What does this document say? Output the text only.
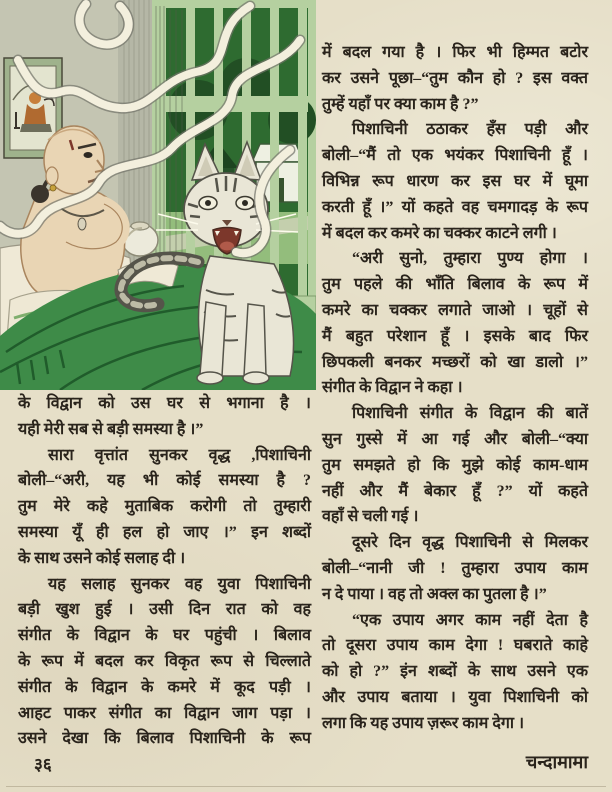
के विद्वान को उस घर से भगाना है ।
यही मेरी सब से बड़ी समस्या है ।”
सारा वृत्तांत सुनकर वृद्ध ,पिशाचिनी
बोली–“अरी, यह भी कोई समस्या है ?
तुम मेरे कहे मुताबिक करोगी तो तुम्हारी
समस्या यूँ ही हल हो जाए ।” इन शब्दों
के साथ उसने कोई सलाह दी ।
यह सलाह सुनकर वह युवा पिशाचिनी
बड़ी खुश हुई । उसी दिन रात को वह
संगीत के विद्वान के घर पहुंची । बिलाव
के रूप में बदल कर विकृत रूप से चिल्लाते
संगीत के विद्वान के कमरे में कूद पड़ी ।
आहट पाकर संगीत का विद्वान जाग पड़ा ।
उसने देखा कि बिलाव पिशाचिनी के रूप
में बदल गया है । फिर भी हिम्मत बटोर
कर उसने पूछा–“तुम कौन हो ? इस वक्त
तुम्हें यहाँ पर क्या काम है ?”
पिशाचिनी ठठाकर हँस पड़ी और
बोली–“मैं तो एक भयंकर पिशाचिनी हूँ ।
विभिन्न रूप धारण कर इस घर में घूमा
करती हूँ ।” यों कहते वह चमगादड़ के रूप
में बदल कर कमरे का चक्कर काटने लगी ।
“अरी सुनो, तुम्हारा पुण्य होगा ।
तुम पहले की भाँति बिलाव के रूप में
कमरे का चक्कर लगाते जाओ । चूहों से
मैं बहुत परेशान हूँ । इसके बाद फिर
छिपकली बनकर मच्छरों को खा डालो ।”
संगीत के विद्वान ने कहा ।
पिशाचिनी संगीत के विद्वान की बातें
सुन गुस्से में आ गई और बोली–“क्या
तुम समझते हो कि मुझे कोई काम-धाम
नहीं और मैं बेकार हूँ ?” यों कहते
वहाँ से चली गई ।
दूसरे दिन वृद्ध पिशाचिनी से मिलकर
बोली–“नानी जी ! तुम्हारा उपाय काम
न दे पाया । वह तो अक्ल का पुतला है ।”
“एक उपाय अगर काम नहीं देता है
तो दूसरा उपाय काम देगा ! घबराते काहे
को हो ?” इंन शब्दों के साथ उसने एक
और उपाय बताया । युवा पिशाचिनी को
लगा कि यह उपाय ज़रूर काम देगा ।
३६	चन्दामामा
